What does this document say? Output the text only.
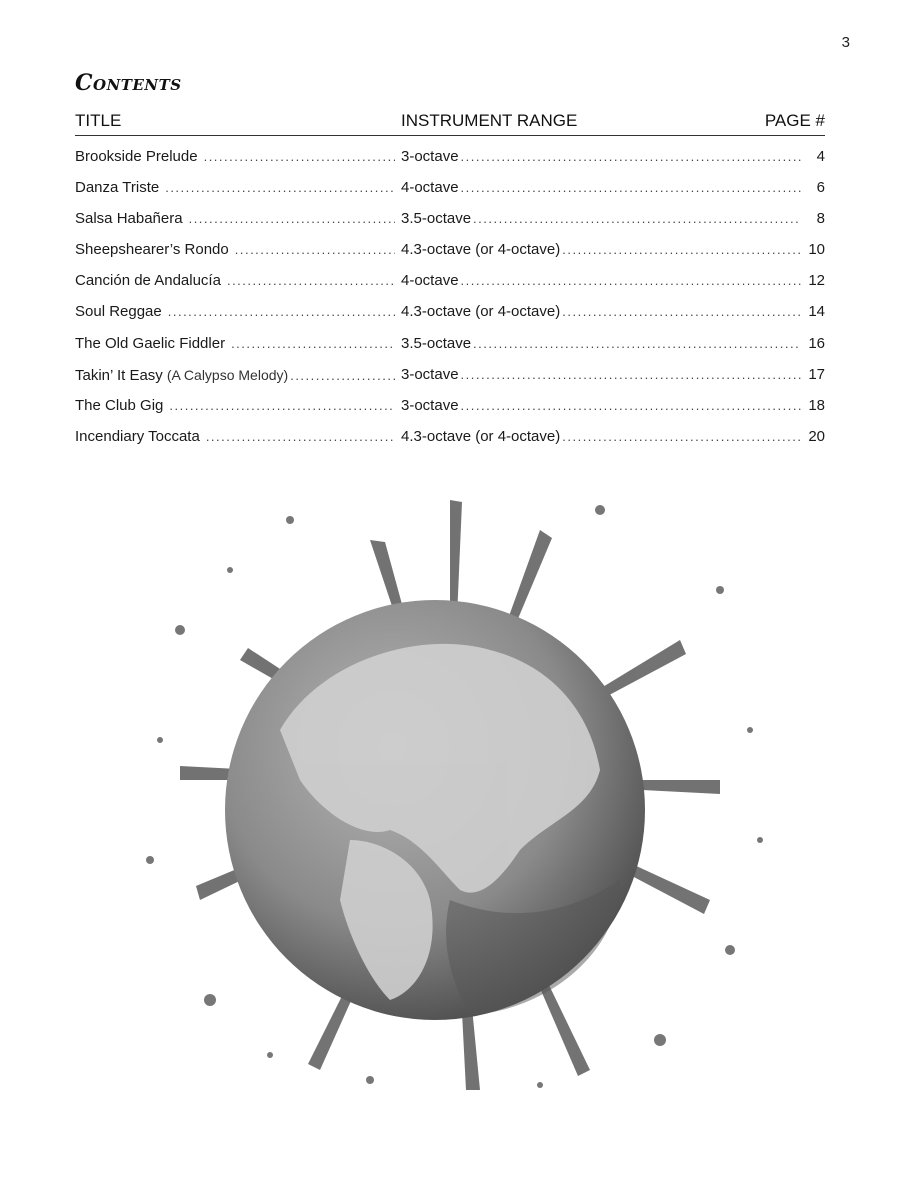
3
Contents
TITLE	INSTRUMENT RANGE	PAGE #
Brookside Prelude .....	3-octave .....	4
Danza Triste .....	4-octave .....	6
Salsa Habañera .....	3.5-octave .....	8
Sheepshearer’s Rondo .....	4.3-octave (or 4-octave) .....	10
Canción de Andalucía .....	4-octave .....	12
Soul Reggae .....	4.3-octave (or 4-octave) .....	14
The Old Gaelic Fiddler .....	3.5-octave .....	16
Takin’ It Easy (A Calypso Melody) .....	3-octave .....	17
The Club Gig .....	3-octave .....	18
Incendiary Toccata .....	4.3-octave (or 4-octave) .....	20
